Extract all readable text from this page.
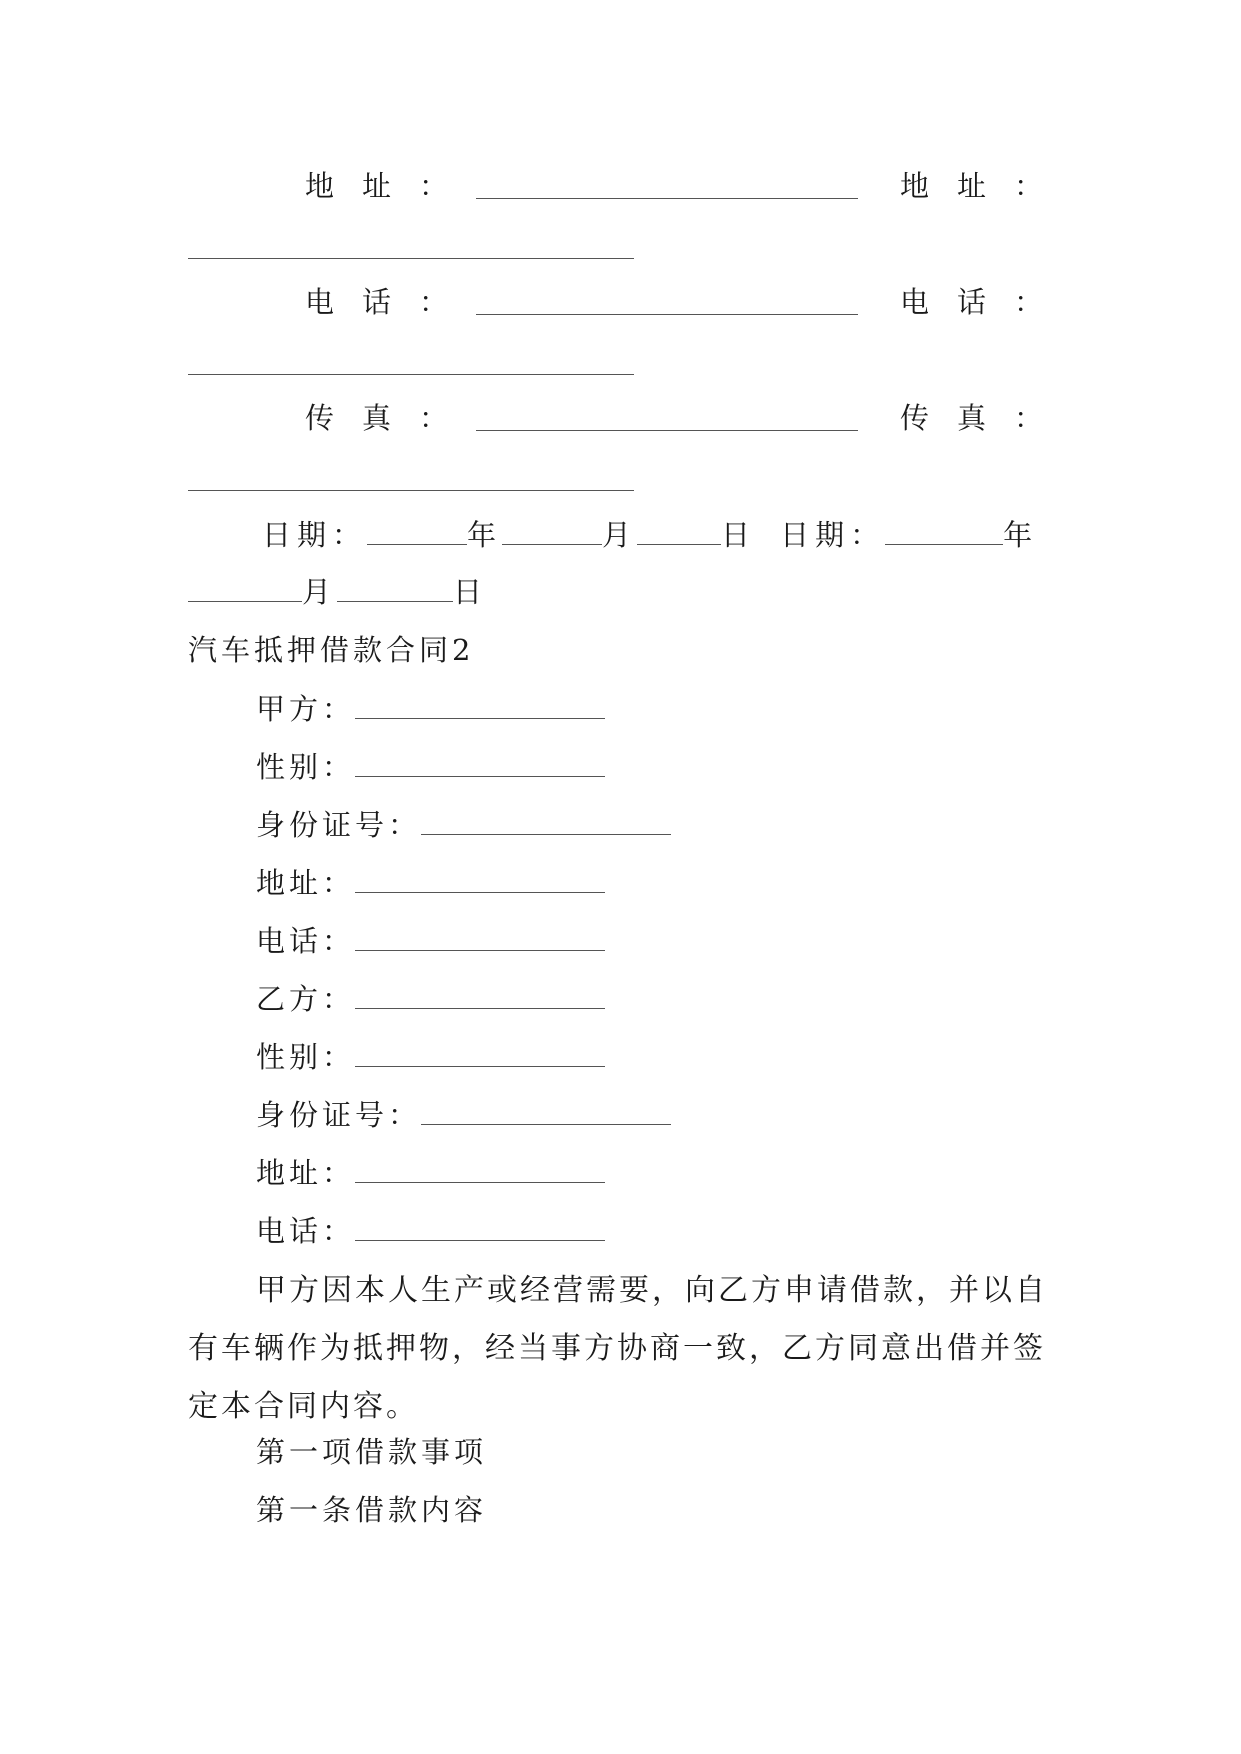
地址：	地址：
电话：	电话：
传真：	传真：
日期：	年	月	日 日期：	年
月	日
汽车抵押借款合同2
甲方：
性别：
身份证号：
地址：
电话：
乙方：
性别：
身份证号：
地址：
电话：
甲方因本人生产或经营需要，向乙方申请借款，并以自有车辆作为抵押物，经当事方协商一致，乙方同意出借并签定本合同内容。
第一项借款事项
第一条借款内容
